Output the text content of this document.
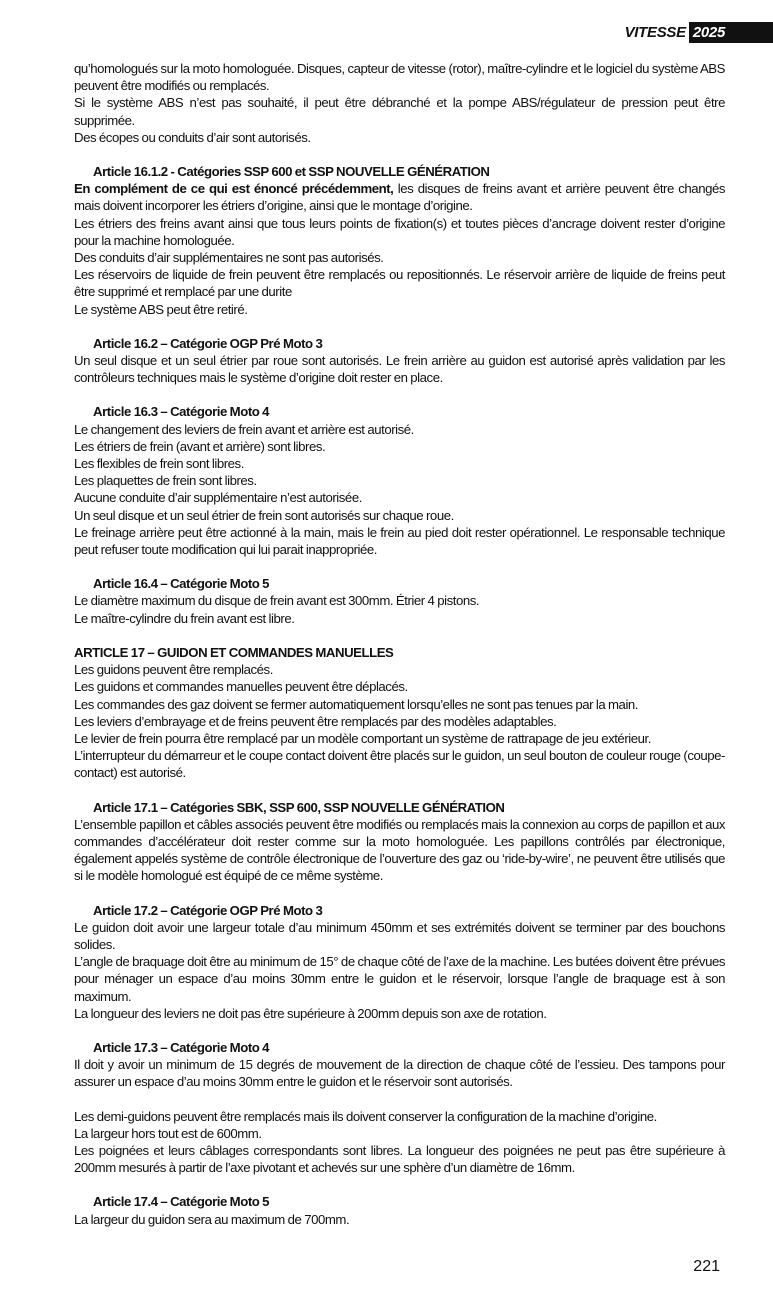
VITESSE 2025

qu’homologués sur la moto homologuée. Disques, capteur de vitesse (rotor), maître-cylindre et le logiciel du système ABS peuvent être modifiés ou remplacés.

Si le système ABS n’est pas souhaité, il peut être débranché et la pompe ABS/régulateur de pression peut être supprimée.

Des écopes ou conduits d’air sont autorisés.

Article 16.1.2 - Catégories SSP 600 et SSP NOUVELLE GÉNÉRATION

En complément de ce qui est énoncé précédemment, les disques de freins avant et arrière peuvent être changés mais doivent incorporer les étriers d’origine, ainsi que le montage d’origine.

Les étriers des freins avant ainsi que tous leurs points de fixation(s) et toutes pièces d’ancrage doivent rester d’origine pour la machine homologuée.

Des conduits d’air supplémentaires ne sont pas autorisés.

Les réservoirs de liquide de frein peuvent être remplacés ou repositionnés. Le réservoir arrière de liquide de freins peut être supprimé et remplacé par une durite

Le système ABS peut être retiré.

Article 16.2 – Catégorie OGP Pré Moto 3

Un seul disque et un seul étrier par roue sont autorisés. Le frein arrière au guidon est autorisé après validation par les contrôleurs techniques mais le système d’origine doit rester en place.

Article 16.3 – Catégorie Moto 4

Le changement des leviers de frein avant et arrière est autorisé.

Les étriers de frein (avant et arrière) sont libres.

Les flexibles de frein sont libres.

Les plaquettes de frein sont libres.

Aucune conduite d’air supplémentaire n’est autorisée.

Un seul disque et un seul étrier de frein sont autorisés sur chaque roue.

Le freinage arrière peut être actionné à la main, mais le frein au pied doit rester opérationnel. Le responsable technique peut refuser toute modification qui lui parait inappropriée.

Article 16.4 – Catégorie Moto 5

Le diamètre maximum du disque de frein avant est 300mm. Étrier 4 pistons.

Le maître-cylindre du frein avant est libre.

ARTICLE 17 – GUIDON ET COMMANDES MANUELLES

Les guidons peuvent être remplacés.

Les guidons et commandes manuelles peuvent être déplacés.

Les commandes des gaz doivent se fermer automatiquement lorsqu’elles ne sont pas tenues par la main.

Les leviers d’embrayage et de freins peuvent être remplacés par des modèles adaptables.

Le levier de frein pourra être remplacé par un modèle comportant un système de rattrapage de jeu extérieur.

L’interrupteur du démarreur et le coupe contact doivent être placés sur le guidon, un seul bouton de couleur rouge (coupe-contact) est autorisé.

Article 17.1 – Catégories SBK, SSP 600, SSP NOUVELLE GÉNÉRATION

L’ensemble papillon et câbles associés peuvent être modifiés ou remplacés mais la connexion au corps de papillon et aux commandes d’accélérateur doit rester comme sur la moto homologuée. Les papillons contrôlés par électronique, également appelés système de contrôle électronique de l’ouverture des gaz ou ‘ride-by-wire’, ne peuvent être utilisés que si le modèle homologué est équipé de ce même système.

Article 17.2 – Catégorie OGP Pré Moto 3

Le guidon doit avoir une largeur totale d’au minimum 450mm et ses extrémités doivent se terminer par des bouchons solides.

L’angle de braquage doit être au minimum de 15° de chaque côté de l’axe de la machine. Les butées doivent être prévues pour ménager un espace d’au moins 30mm entre le guidon et le réservoir, lorsque l’angle de braquage est à son maximum.

La longueur des leviers ne doit pas être supérieure à 200mm depuis son axe de rotation.

Article 17.3 – Catégorie Moto 4

Il doit y avoir un minimum de 15 degrés de mouvement de la direction de chaque côté de l’essieu. Des tampons pour assurer un espace d’au moins 30mm entre le guidon et le réservoir sont autorisés.

Les demi-guidons peuvent être remplacés mais ils doivent conserver la configuration de la machine d’origine.

La largeur hors tout est de 600mm.

Les poignées et leurs câblages correspondants sont libres. La longueur des poignées ne peut pas être supérieure à 200mm mesurés à partir de l’axe pivotant et achevés sur une sphère d’un diamètre de 16mm.

Article 17.4 – Catégorie Moto 5

La largeur du guidon sera au maximum de 700mm.

221
